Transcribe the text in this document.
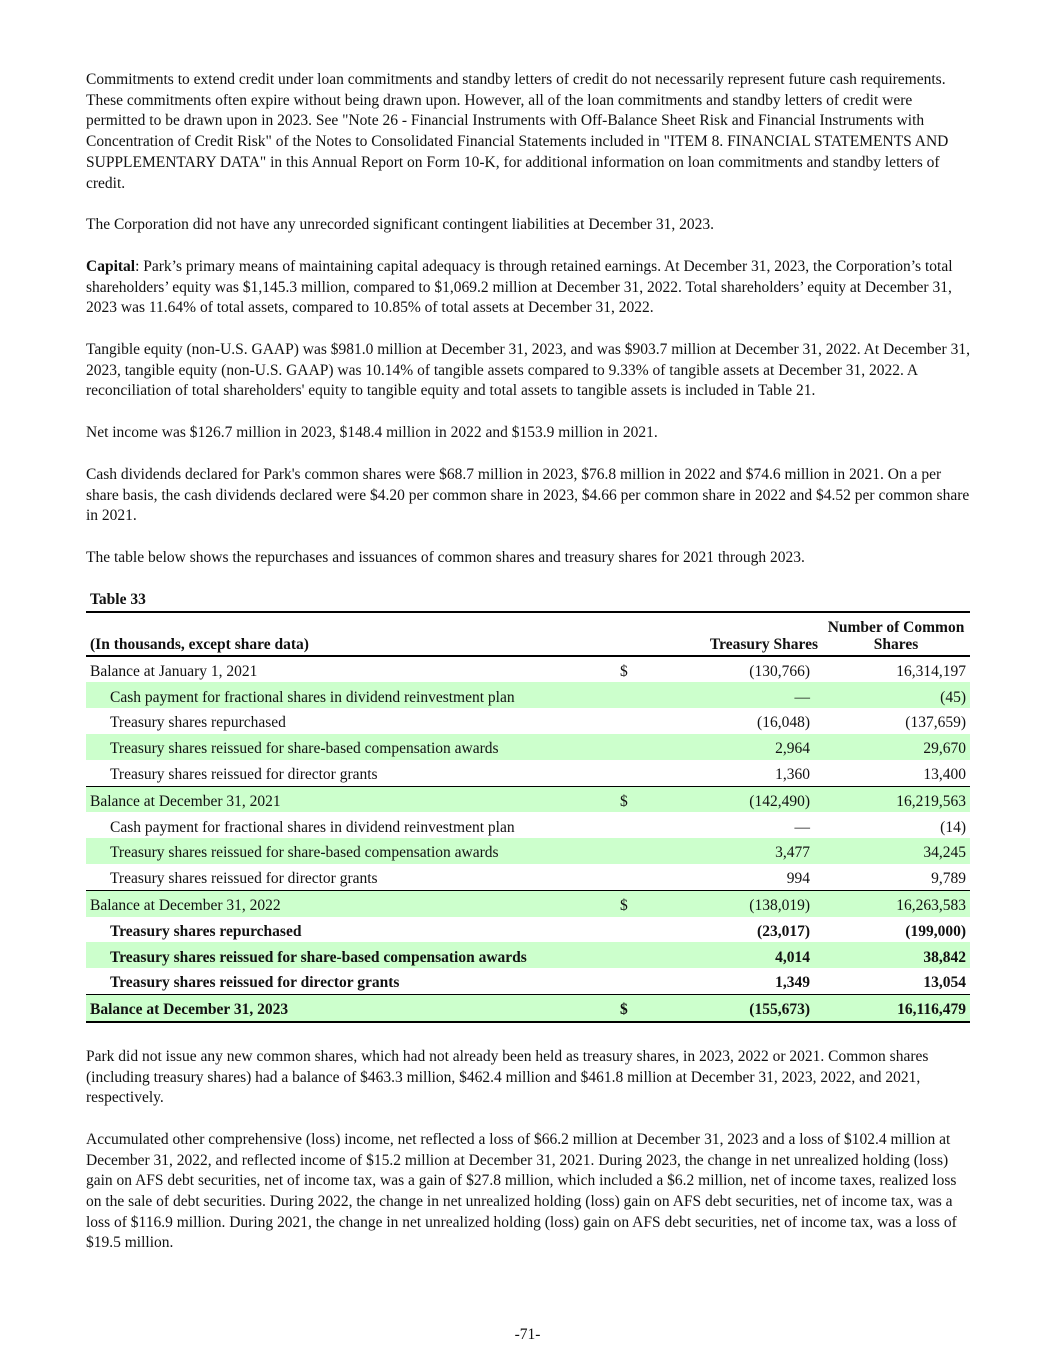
Commitments to extend credit under loan commitments and standby letters of credit do not necessarily represent future cash requirements. These commitments often expire without being drawn upon. However, all of the loan commitments and standby letters of credit were permitted to be drawn upon in 2023. See "Note 26 - Financial Instruments with Off-Balance Sheet Risk and Financial Instruments with Concentration of Credit Risk" of the Notes to Consolidated Financial Statements included in "ITEM 8. FINANCIAL STATEMENTS AND SUPPLEMENTARY DATA" in this Annual Report on Form 10-K, for additional information on loan commitments and standby letters of credit.

The Corporation did not have any unrecorded significant contingent liabilities at December 31, 2023.

Capital: Park’s primary means of maintaining capital adequacy is through retained earnings. At December 31, 2023, the Corporation’s total shareholders’ equity was $1,145.3 million, compared to $1,069.2 million at December 31, 2022. Total shareholders’ equity at December 31, 2023 was 11.64% of total assets, compared to 10.85% of total assets at December 31, 2022.

Tangible equity (non-U.S. GAAP) was $981.0 million at December 31, 2023, and was $903.7 million at December 31, 2022. At December 31, 2023, tangible equity (non-U.S. GAAP) was 10.14% of tangible assets compared to 9.33% of tangible assets at December 31, 2022. A reconciliation of total shareholders' equity to tangible equity and total assets to tangible assets is included in Table 21.

Net income was $126.7 million in 2023, $148.4 million in 2022 and $153.9 million in 2021.

Cash dividends declared for Park's common shares were $68.7 million in 2023, $76.8 million in 2022 and $74.6 million in 2021. On a per share basis, the cash dividends declared were $4.20 per common share in 2023, $4.66 per common share in 2022 and $4.52 per common share in 2021.

The table below shows the repurchases and issuances of common shares and treasury shares for 2021 through 2023.

Table 33
(In thousands, except share data)		Treasury Shares	Number of Common Shares
Balance at January 1, 2021	$	(130,766)	16,314,197
Cash payment for fractional shares in dividend reinvestment plan		—	(45)
Treasury shares repurchased		(16,048)	(137,659)
Treasury shares reissued for share-based compensation awards		2,964	29,670
Treasury shares reissued for director grants		1,360	13,400
Balance at December 31, 2021	$	(142,490)	16,219,563
Cash payment for fractional shares in dividend reinvestment plan		—	(14)
Treasury shares reissued for share-based compensation awards		3,477	34,245
Treasury shares reissued for director grants		994	9,789
Balance at December 31, 2022	$	(138,019)	16,263,583
Treasury shares repurchased		(23,017)	(199,000)
Treasury shares reissued for share-based compensation awards		4,014	38,842
Treasury shares reissued for director grants		1,349	13,054
Balance at December 31, 2023	$	(155,673)	16,116,479

Park did not issue any new common shares, which had not already been held as treasury shares, in 2023, 2022 or 2021. Common shares (including treasury shares) had a balance of $463.3 million, $462.4 million and $461.8 million at December 31, 2023, 2022, and 2021, respectively.

Accumulated other comprehensive (loss) income, net reflected a loss of $66.2 million at December 31, 2023 and a loss of $102.4 million at December 31, 2022, and reflected income of $15.2 million at December 31, 2021. During 2023, the change in net unrealized holding (loss) gain on AFS debt securities, net of income tax, was a gain of $27.8 million, which included a $6.2 million, net of income taxes, realized loss on the sale of debt securities. During 2022, the change in net unrealized holding (loss) gain on AFS debt securities, net of income tax, was a loss of $116.9 million. During 2021, the change in net unrealized holding (loss) gain on AFS debt securities, net of income tax, was a loss of $19.5 million.

-71-
